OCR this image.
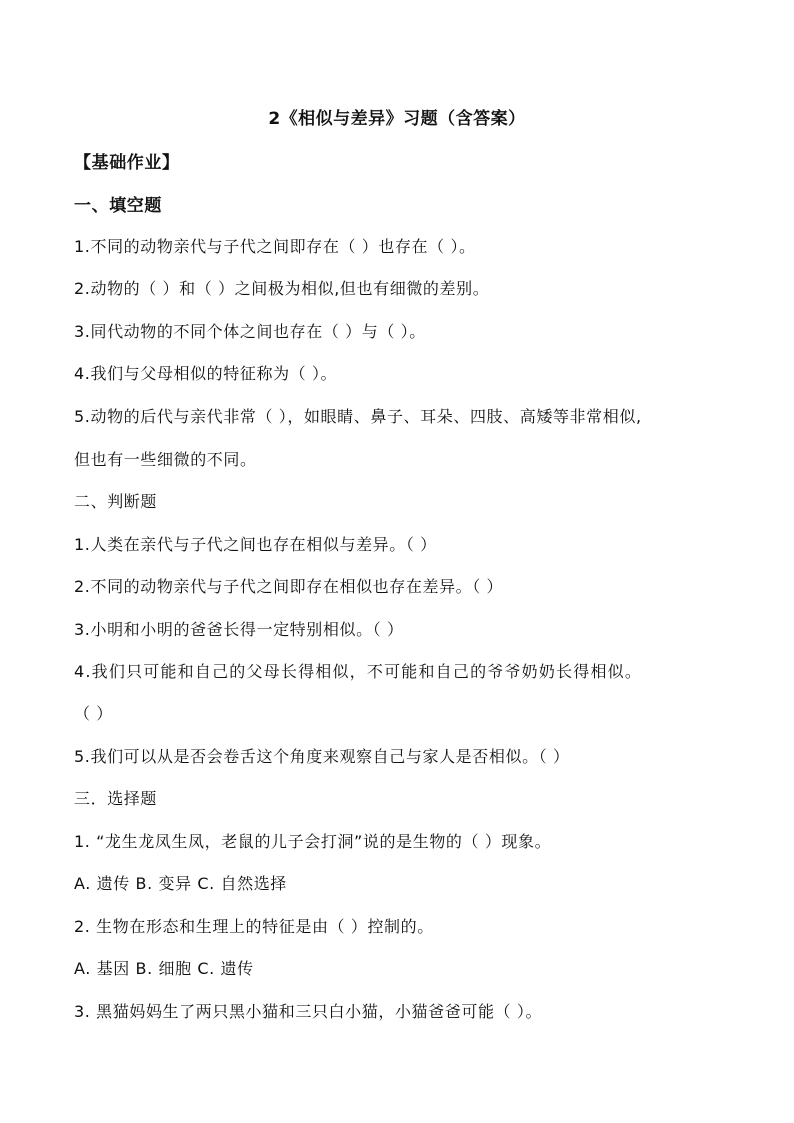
2《相似与差异》习题（含答案）
【基础作业】
一、填空题
1.不同的动物亲代与子代之间即存在（ ）也存在（ ）。
2.动物的（ ）和（ ）之间极为相似,但也有细微的差别。
3.同代动物的不同个体之间也存在（ ）与（ ）。
4.我们与父母相似的特征称为（ ）。
5.动物的后代与亲代非常（ ），如眼睛、鼻子、耳朵、四肢、高矮等非常相似,
但也有一些细微的不同。
二、判断题
1.人类在亲代与子代之间也存在相似与差异。（ ）
2.不同的动物亲代与子代之间即存在相似也存在差异。（ ）
3.小明和小明的爸爸长得一定特别相似。（ ）
4.我们只可能和自己的父母长得相似，不可能和自己的爷爷奶奶长得相似。
（ ）
5.我们可以从是否会卷舌这个角度来观察自己与家人是否相似。（ ）
三．选择题
1. “龙生龙凤生凤，老鼠的儿子会打洞”说的是生物的（ ）现象。
A. 遗传 B. 变异 C. 自然选择
2. 生物在形态和生理上的特征是由（ ）控制的。
A. 基因 B. 细胞 C. 遗传
3. 黑猫妈妈生了两只黑小猫和三只白小猫，小猫爸爸可能（ ）。
